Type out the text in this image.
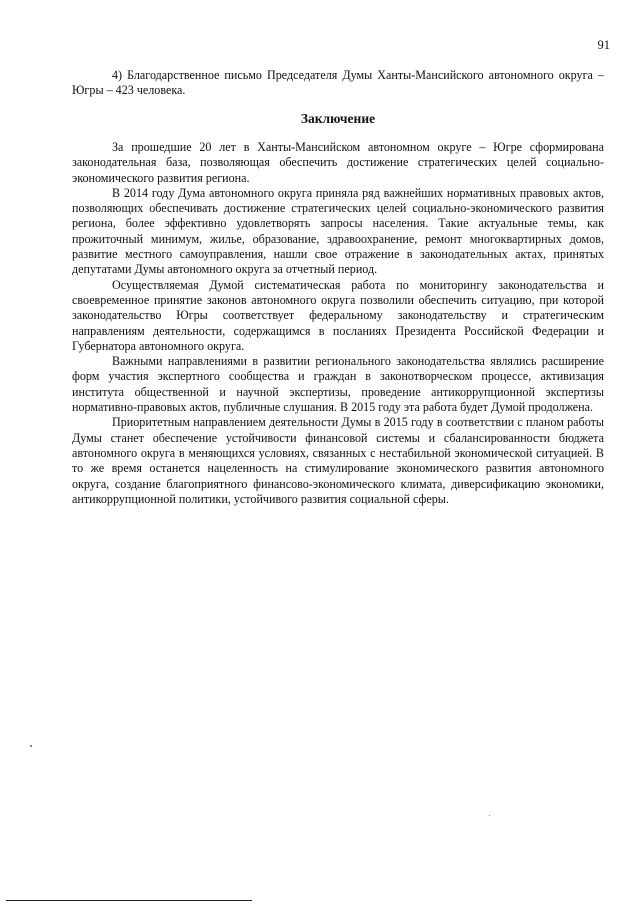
91

4) Благодарственное письмо Председателя Думы Ханты-Мансийского автономного округа – Югры – 423 человека.

Заключение

За прошедшие 20 лет в Ханты-Мансийском автономном округе – Югре сформирована законодательная база, позволяющая обеспечить достижение стратегических целей социально-экономического развития региона.

В 2014 году Дума автономного округа приняла ряд важнейших нормативных правовых актов, позволяющих обеспечивать достижение стратегических целей социально-экономического развития региона, более эффективно удовлетворять запросы населения. Такие актуальные темы, как прожиточный минимум, жилье, образование, здравоохранение, ремонт многоквартирных домов, развитие местного самоуправления, нашли свое отражение в законодательных актах, принятых депутатами Думы автономного округа за отчетный период.

Осуществляемая Думой систематическая работа по мониторингу законодательства и своевременное принятие законов автономного округа позволили обеспечить ситуацию, при которой законодательство Югры соответствует федеральному законодательству и стратегическим направлениям деятельности, содержащимся в посланиях Президента Российской Федерации и Губернатора автономного округа.

Важными направлениями в развитии регионального законодательства являлись расширение форм участия экспертного сообщества и граждан в законотворческом процессе, активизация института общественной и научной экспертизы, проведение антикоррупционной экспертизы нормативно-правовых актов, публичные слушания. В 2015 году эта работа будет Думой продолжена.

Приоритетным направлением деятельности Думы в 2015 году в соответствии с планом работы Думы станет обеспечение устойчивости финансовой системы и сбалансированности бюджета автономного округа в меняющихся условиях, связанных с нестабильной экономической ситуацией. В то же время останется нацеленность на стимулирование экономического развития автономного округа, создание благоприятного финансово-экономического климата, диверсификацию экономики, антикоррупционной политики, устойчивого развития социальной сферы.
